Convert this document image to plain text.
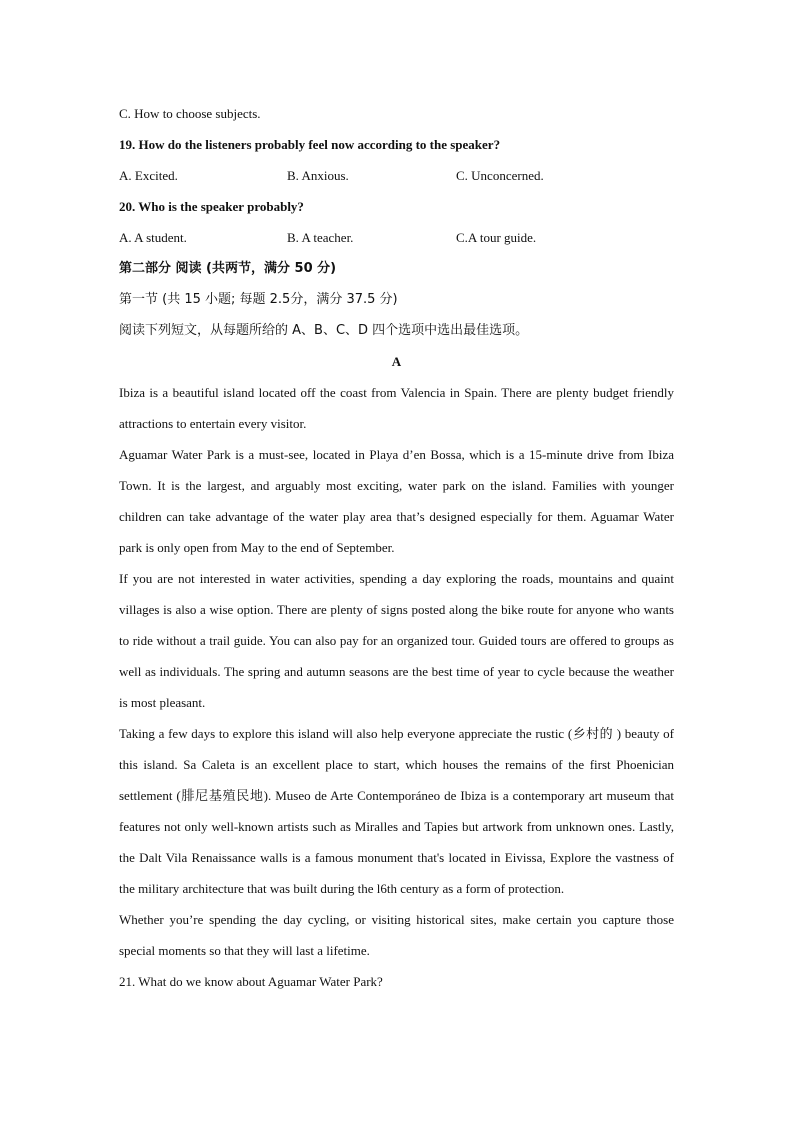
C. How to choose subjects.
19. How do the listeners probably feel now according to the speaker?
A. Excited.	B. Anxious.	C. Unconcerned.
20. Who is the speaker probably?
A. A student.	B. A teacher.	C.A tour guide.
第二部分 阅读 (共两节，满分 50 分)
第一节 (共 15 小题; 每题 2.5分，满分 37.5 分)
阅读下列短文，从每题所给的 A、B、C、D 四个选项中选出最佳选项。
A

Ibiza is a beautiful island located off the coast from Valencia in Spain. There are plenty budget friendly attractions to entertain every visitor.

Aguamar Water Park is a must-see, located in Playa d’en Bossa, which is a 15-minute drive from Ibiza Town. It is the largest, and arguably most exciting, water park on the island. Families with younger children can take advantage of the water play area that’s designed especially for them. Aguamar Water park is only open from May to the end of September.

If you are not interested in water activities, spending a day exploring the roads, mountains and quaint villages is also a wise option. There are plenty of signs posted along the bike route for anyone who wants to ride without a trail guide. You can also pay for an organized tour. Guided tours are offered to groups as well as individuals. The spring and autumn seasons are the best time of year to cycle because the weather is most pleasant.

Taking a few days to explore this island will also help everyone appreciate the rustic (乡村的 ) beauty of this island. Sa Caleta is an excellent place to start, which houses the remains of the first Phoenician settlement (腓尼基殖民地). Museo de Arte Contemporáneo de Ibiza is a contemporary art museum that features not only well-known artists such as Miralles and Tapies but artwork from unknown ones. Lastly, the Dalt Vila Renaissance walls is a famous monument that's located in Eivissa, Explore the vastness of the military architecture that was built during the l6th century as a form of protection.

Whether you’re spending the day cycling, or visiting historical sites, make certain you capture those special moments so that they will last a lifetime.

21. What do we know about Aguamar Water Park?
